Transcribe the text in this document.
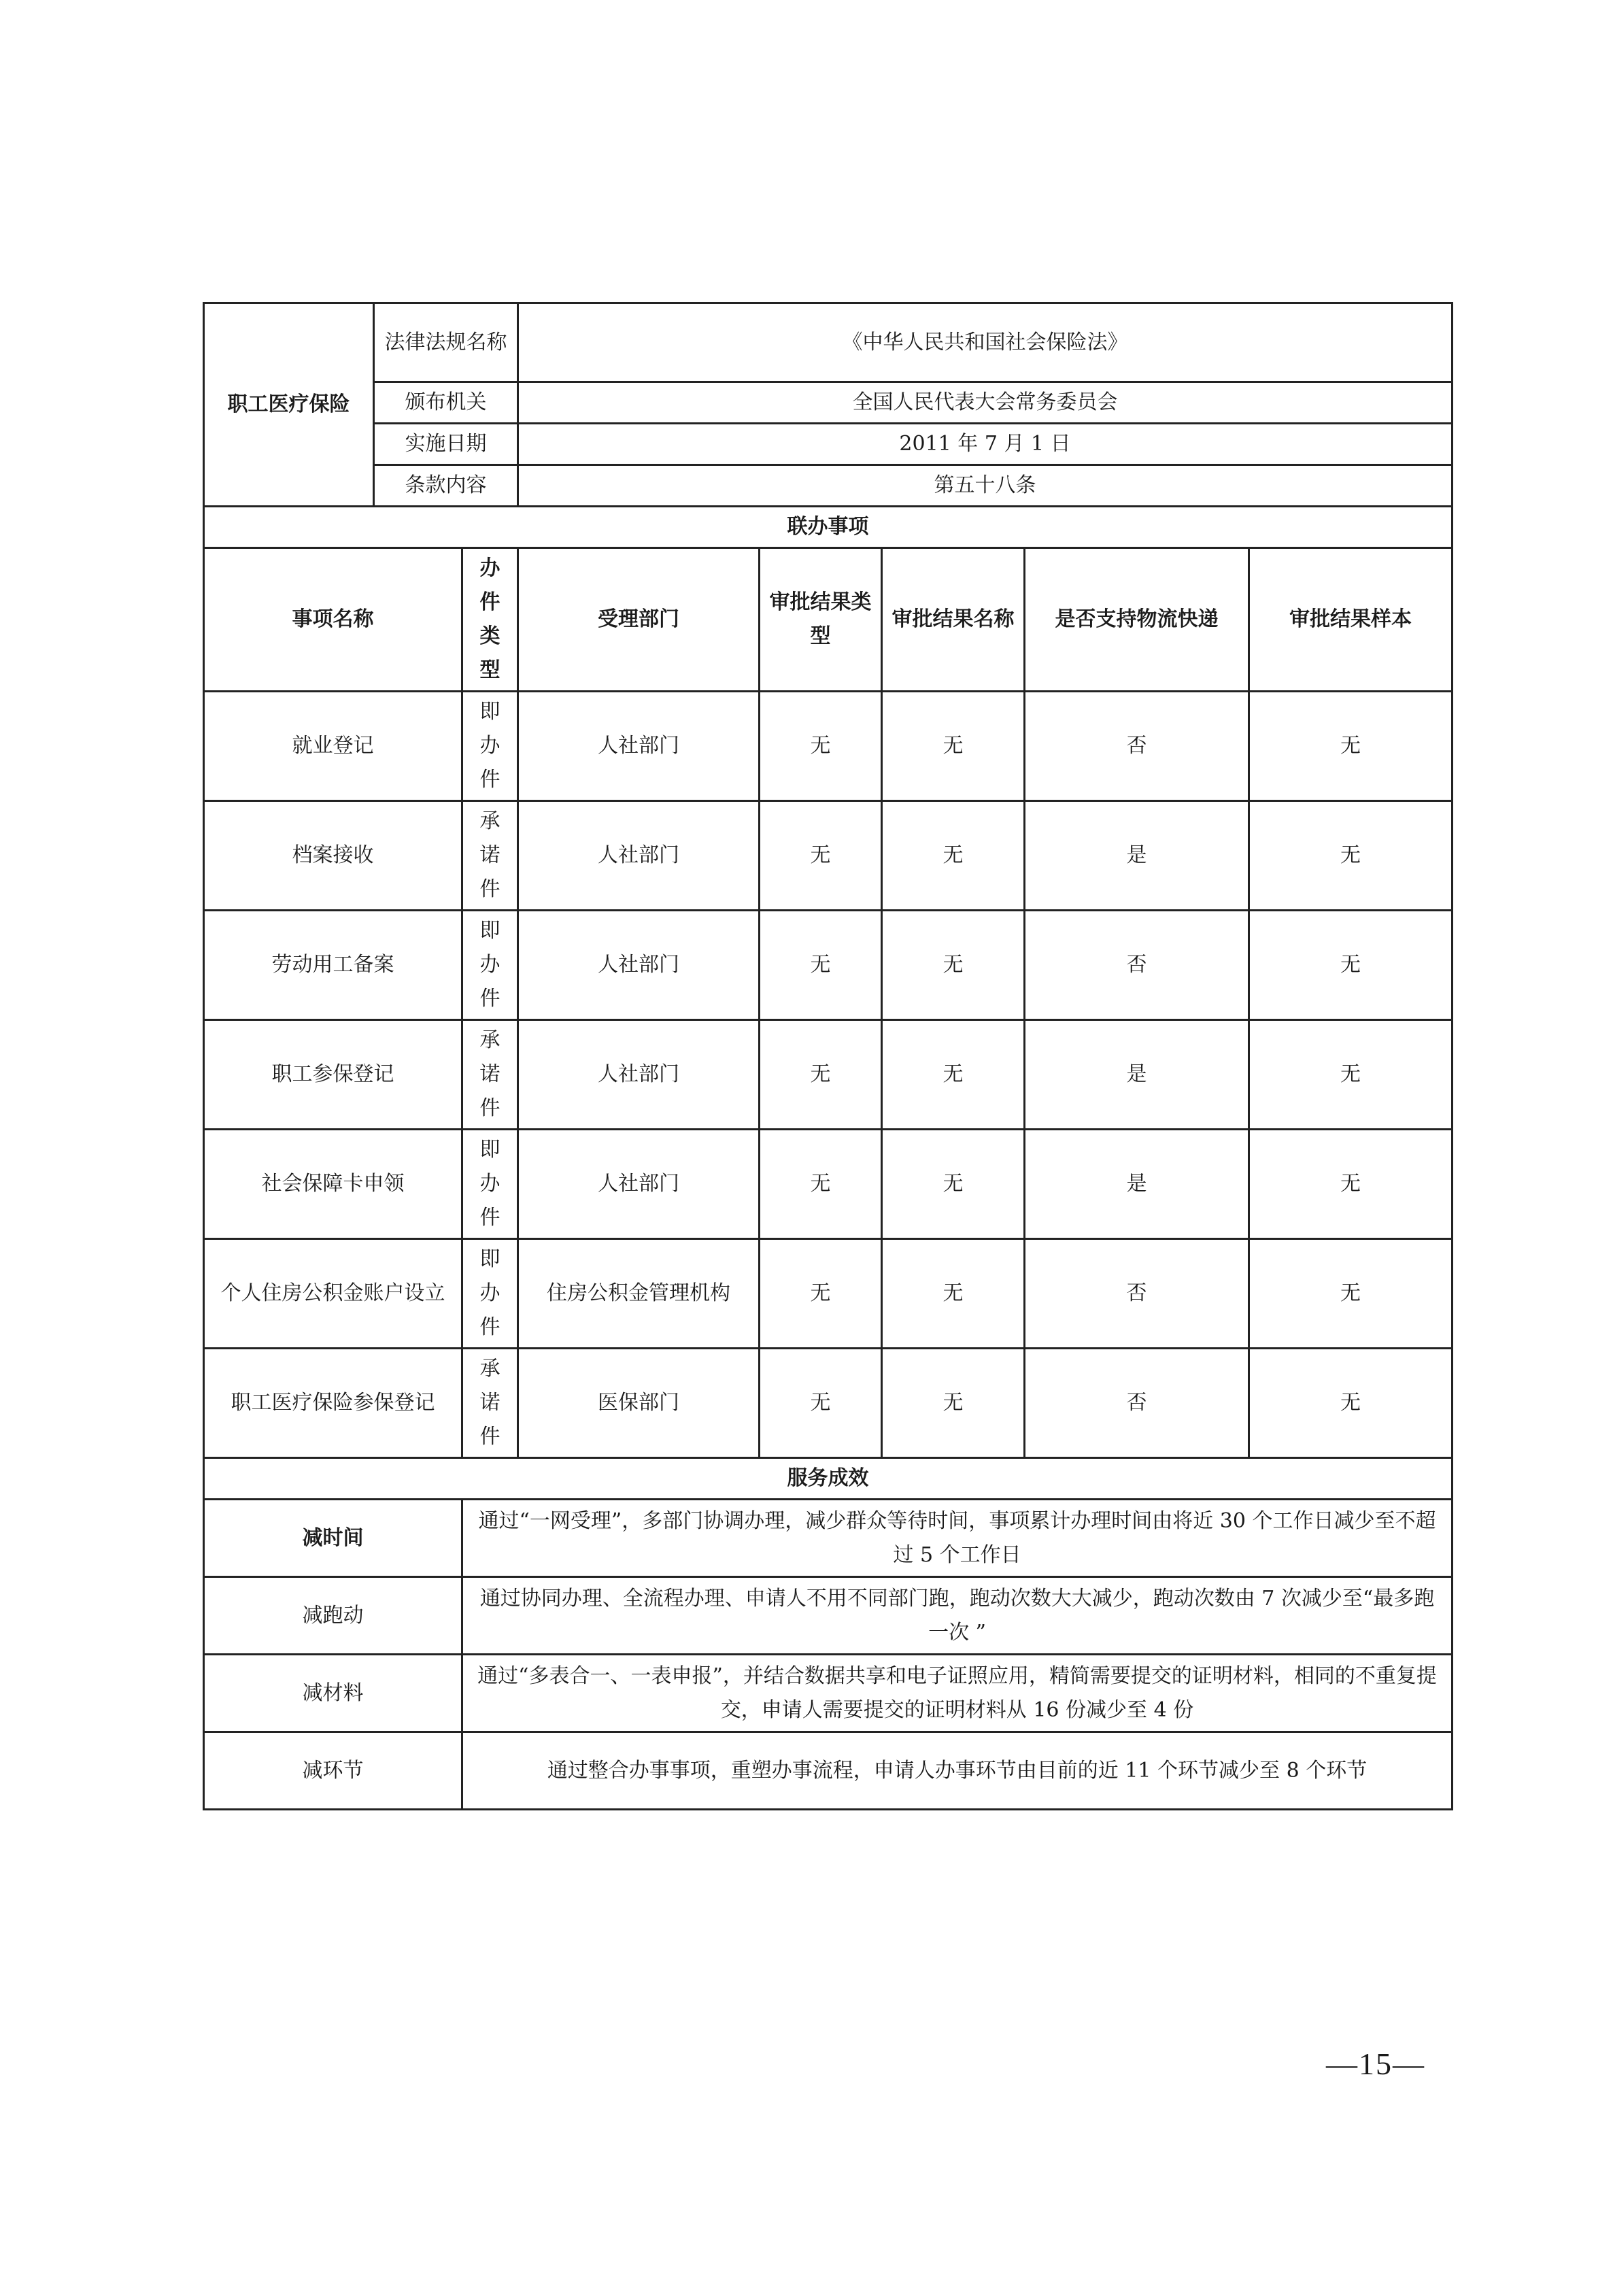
职工医疗保险	法律法规名称		《中华人民共和国社会保险法》				
	颁布机关		全国人民代表大会常务委员会				
	实施日期		2011 年 7 月 1 日				
	条款内容		第五十八条				
联办事项							
事项名称		办件类型	受理部门	审批结果类型	审批结果名称	是否支持物流快递	审批结果样本
就业登记		即办件	人社部门	无	无	否	无
档案接收		承诺件	人社部门	无	无	是	无
劳动用工备案		即办件	人社部门	无	无	否	无
职工参保登记		承诺件	人社部门	无	无	是	无
社会保障卡申领		即办件	人社部门	无	无	是	无
个人住房公积金账户设立		即办件	住房公积金管理机构	无	无	否	无
职工医疗保险参保登记		承诺件	医保部门	无	无	否	无
服务成效							
减时间		通过“一网受理”，多部门协调办理，减少群众等待时间，事项累计办理时间由将近 30 个工作日减少至不超 过 5 个工作日					
减跑动		通过协同办理、全流程办理、申请人不用不同部门跑，跑动次数大大减少，跑动次数由 7 次减少至“最多跑一次 ”					
减材料		通过“多表合一、一表申报”，并结合数据共享和电子证照应用，精简需要提交的证明材料，相同的不重复提 交，申请人需要提交的证明材料从 16 份减少至 4 份					
减环节		通过整合办事事项，重塑办事流程，申请人办事环节由目前的近 11 个环节减少至 8 个环节					
—15—
